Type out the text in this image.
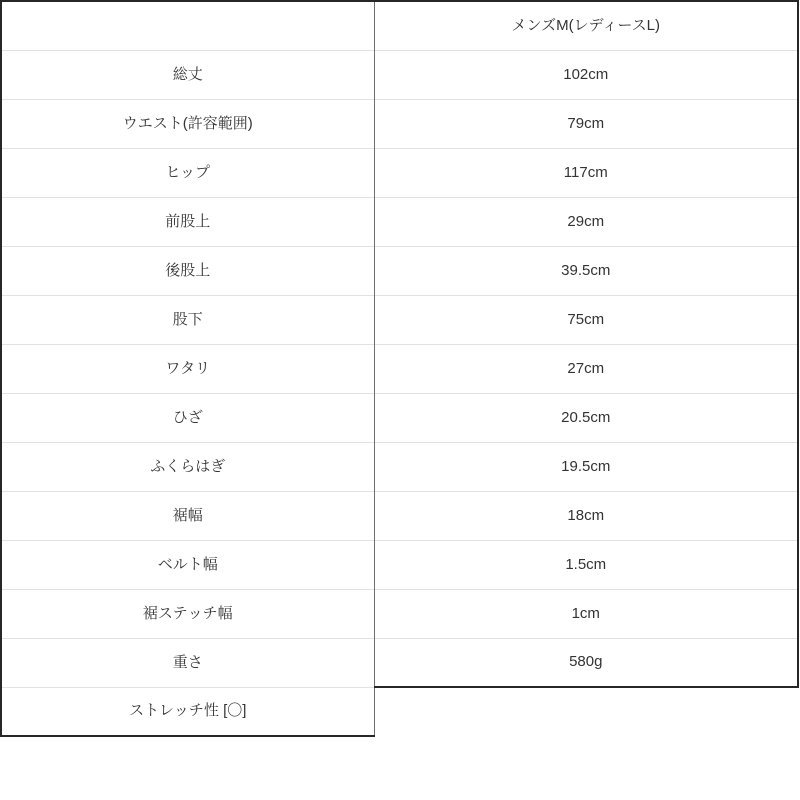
	メンズM(レディースL)
総丈	102cm
ウエスト(許容範囲)	79cm
ヒップ	117cm
前股上	29cm
後股上	39.5cm
股下	75cm
ワタリ	27cm
ひざ	20.5cm
ふくらはぎ	19.5cm
裾幅	18cm
ベルト幅	1.5cm
裾ステッチ幅	1cm
重さ	580g
ストレッチ性 [〇]	
